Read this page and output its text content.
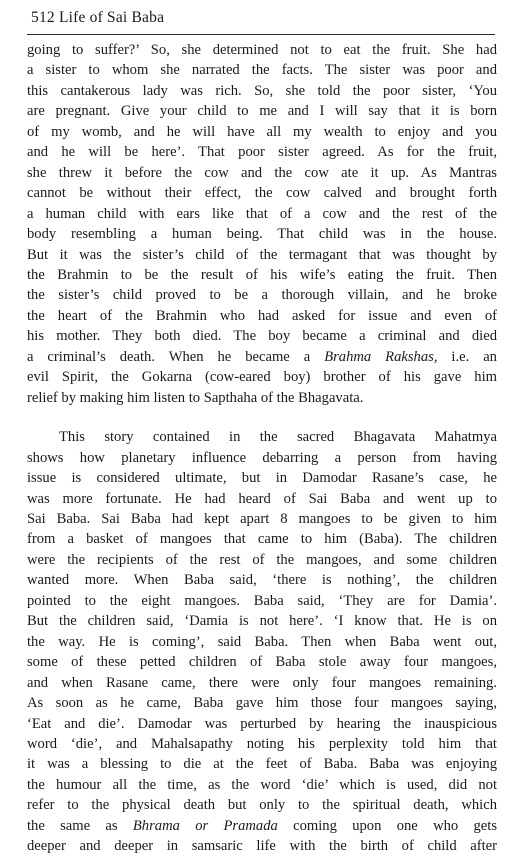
512 Life of Sai Baba
going to suffer?’ So, she determined not to eat the fruit. She had
a sister to whom she narrated the facts. The sister was poor and
this cantakerous lady was rich. So, she told the poor sister, ‘You
are pregnant. Give your child to me and I will say that it is born
of my womb, and he will have all my wealth to enjoy and you
and he will be here’. That poor sister agreed. As for the fruit,
she threw it before the cow and the cow ate it up. As Mantras
cannot be without their effect, the cow calved and brought forth
a human child with ears like that of a cow and the rest of the
body resembling a human being. That child was in the house.
But it was the sister’s child of the termagant that was thought by
the Brahmin to be the result of his wife’s eating the fruit. Then
the sister’s child proved to be a thorough villain, and he broke
the heart of the Brahmin who had asked for issue and even of
his mother. They both died. The boy became a criminal and died
a criminal’s death. When he became a Brahma Rakshas, i.e. an
evil Spirit, the Gokarna (cow-eared boy) brother of his gave him
relief by making him listen to Sapthaha of the Bhagavata.
This story contained in the sacred Bhagavata Mahatmya
shows how planetary influence debarring a person from having
issue is considered ultimate, but in Damodar Rasane’s case, he
was more fortunate. He had heard of Sai Baba and went up to
Sai Baba. Sai Baba had kept apart 8 mangoes to be given to him
from a basket of mangoes that came to him (Baba). The children
were the recipients of the rest of the mangoes, and some children
wanted more. When Baba said, ‘there is nothing’, the children
pointed to the eight mangoes. Baba said, ‘They are for Damia’.
But the children said, ‘Damia is not here’. ‘I know that. He is on
the way. He is coming’, said Baba. Then when Baba went out,
some of these petted children of Baba stole away four mangoes,
and when Rasane came, there were only four mangoes remaining.
As soon as he came, Baba gave him those four mangoes saying,
‘Eat and die’. Damodar was perturbed by hearing the inauspicious
word ‘die’, and Mahalsapathy noting his perplexity told him that
it was a blessing to die at the feet of Baba. Baba was enjoying
the humour all the time, as the word ‘die’ which is used, did not
refer to the physical death but only to the spiritual death, which
the same as Bhrama or Pramada coming upon one who gets
deeper and deeper in samsaric life with the birth of child after
